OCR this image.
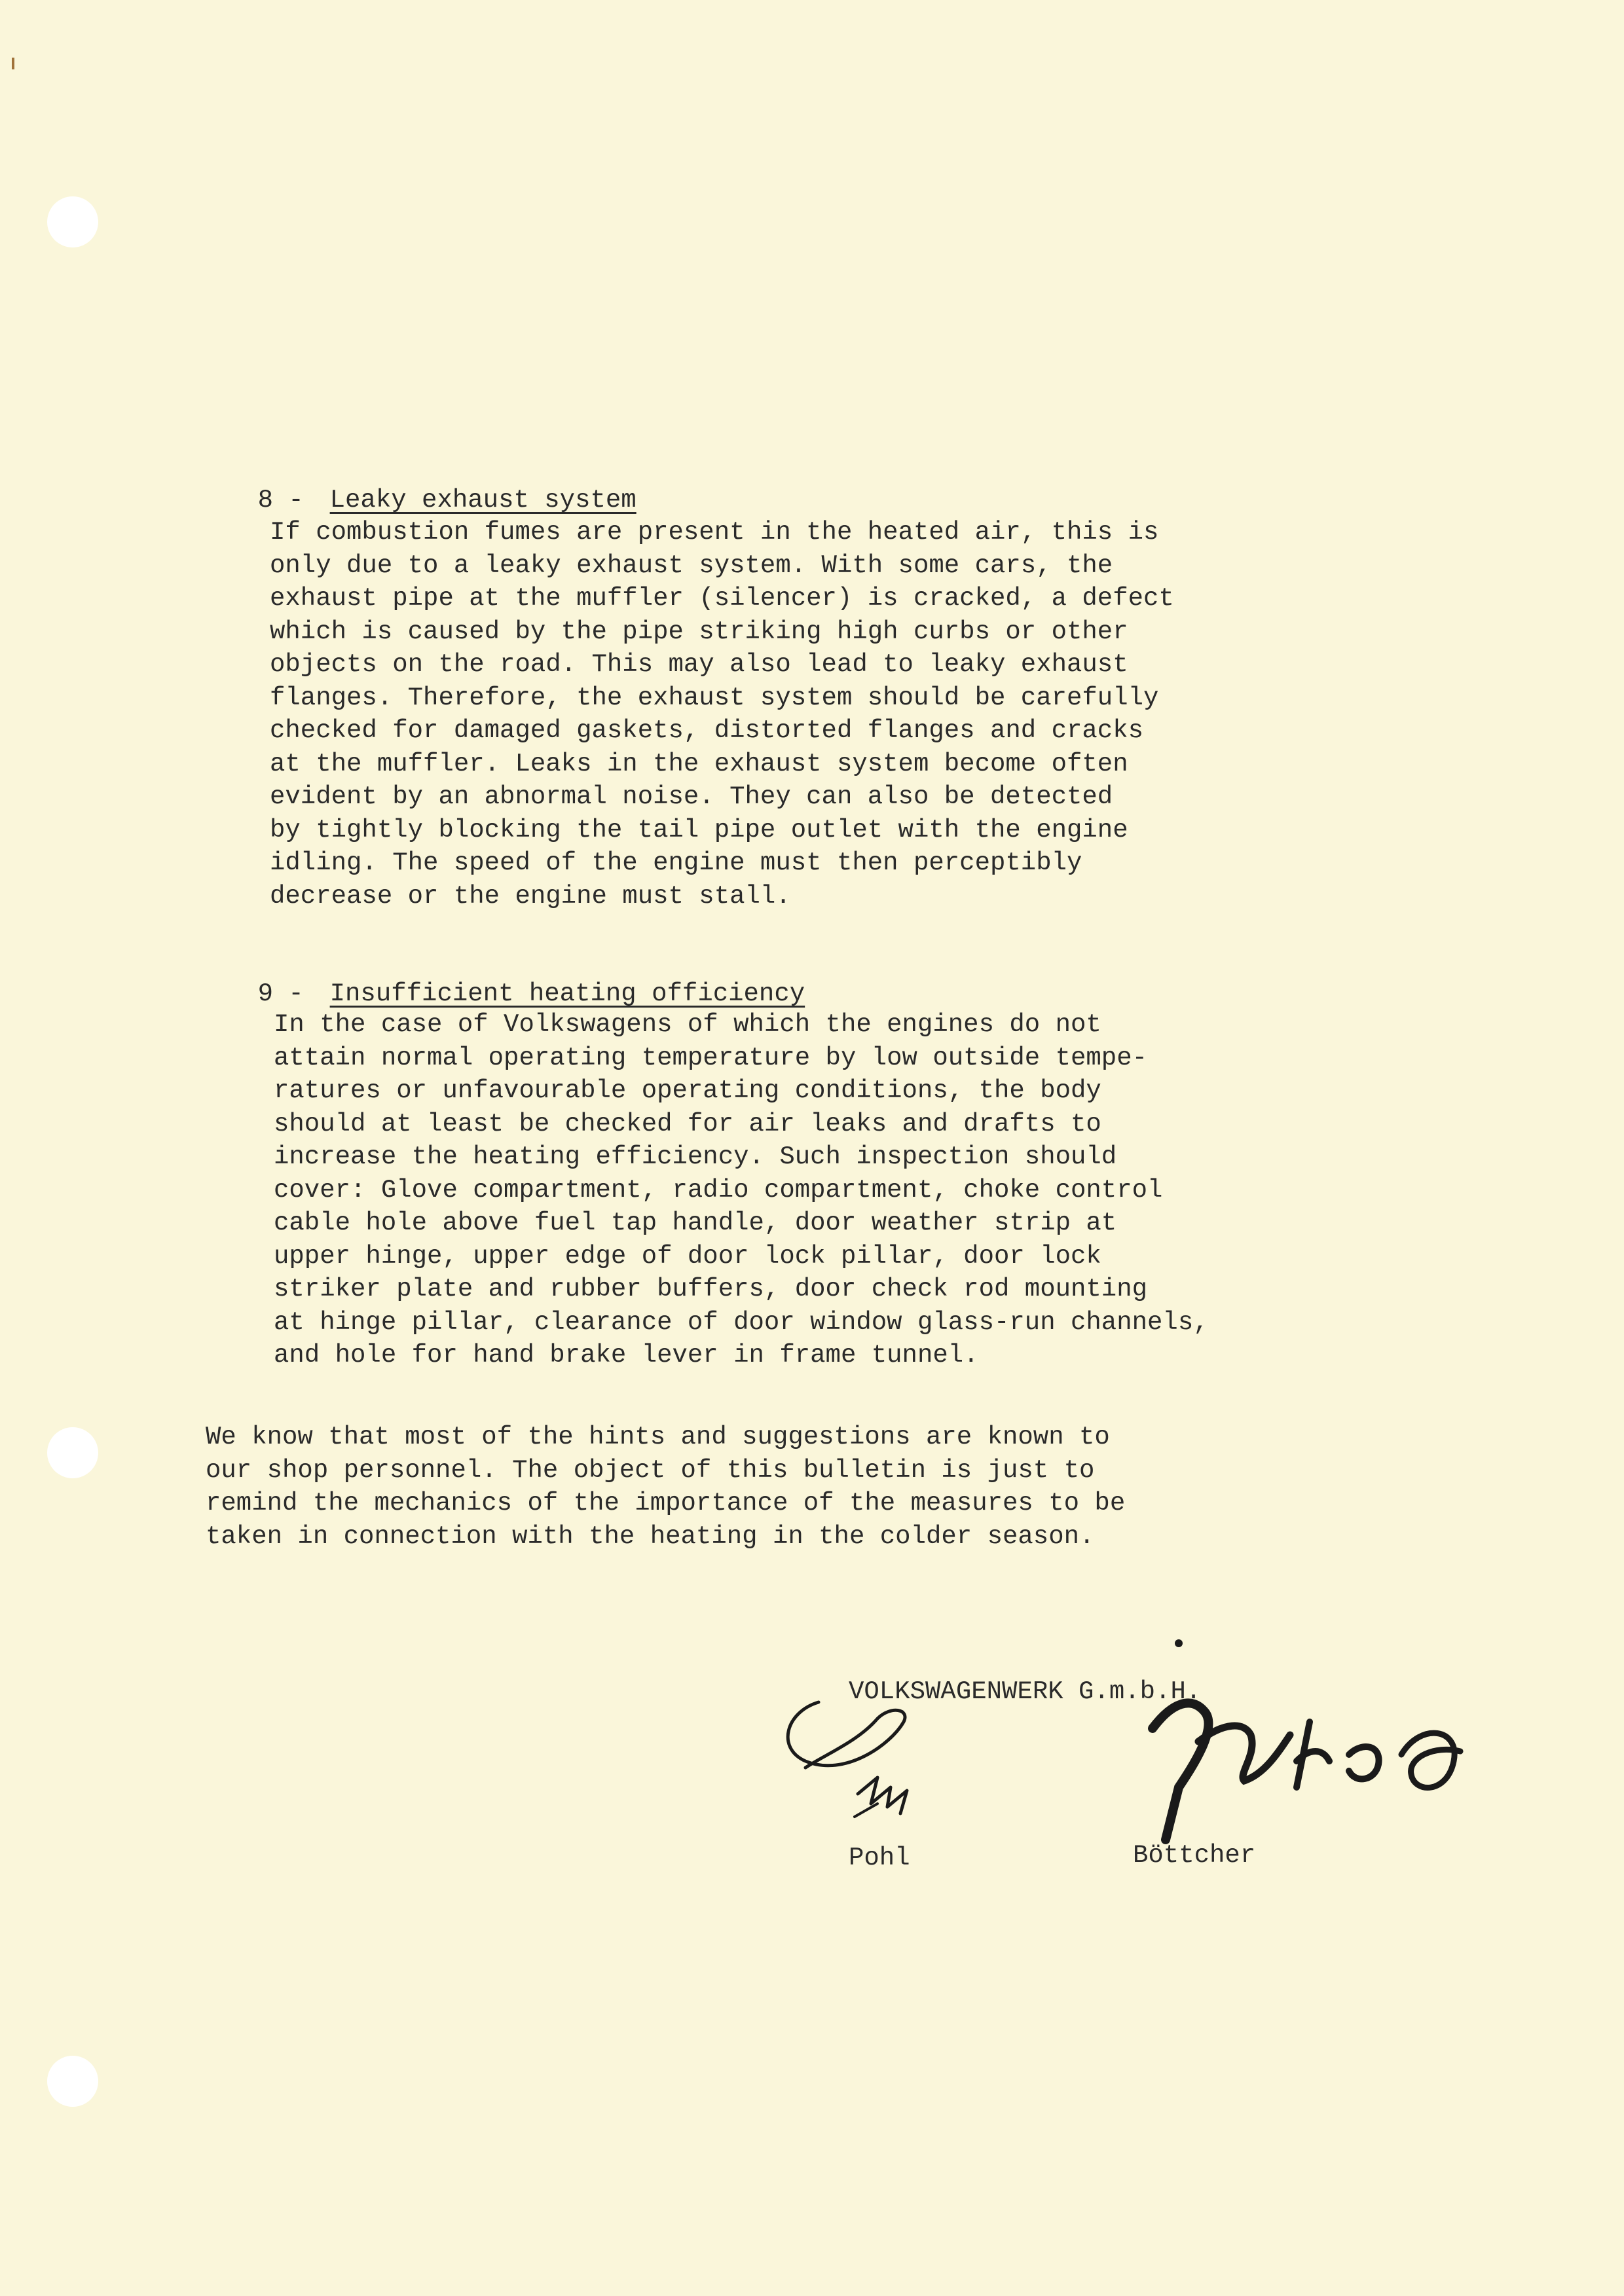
8 - Leaky exhaust system

If combustion fumes are present in the heated air, this is
only due to a leaky exhaust system. With some cars, the
exhaust pipe at the muffler (silencer) is cracked, a defect
which is caused by the pipe striking high curbs or other
objects on the road. This may also lead to leaky exhaust
flanges. Therefore, the exhaust system should be carefully
checked for damaged gaskets, distorted flanges and cracks
at the muffler. Leaks in the exhaust system become often
evident by an abnormal noise. They can also be detected
by tightly blocking the tail pipe outlet with the engine
idling. The speed of the engine must then perceptibly
decrease or the engine must stall.

9 - Insufficient heating officiency

In the case of Volkswagens of which the engines do not
attain normal operating temperature by low outside tempe-
ratures or unfavourable operating conditions, the body
should at least be checked for air leaks and drafts to
increase the heating efficiency. Such inspection should
cover: Glove compartment, radio compartment, choke control
cable hole above fuel tap handle, door weather strip at
upper hinge, upper edge of door lock pillar, door lock
striker plate and rubber buffers, door check rod mounting
at hinge pillar, clearance of door window glass-run channels,
and hole for hand brake lever in frame tunnel.
We know that most of the hints and suggestions are known to
our shop personnel. The object of this bulletin is just to
remind the mechanics of the importance of the measures to be
taken in connection with the heating in the colder season.
VOLKSWAGENWERK G.m.b.H.
Pohl	Böttcher
